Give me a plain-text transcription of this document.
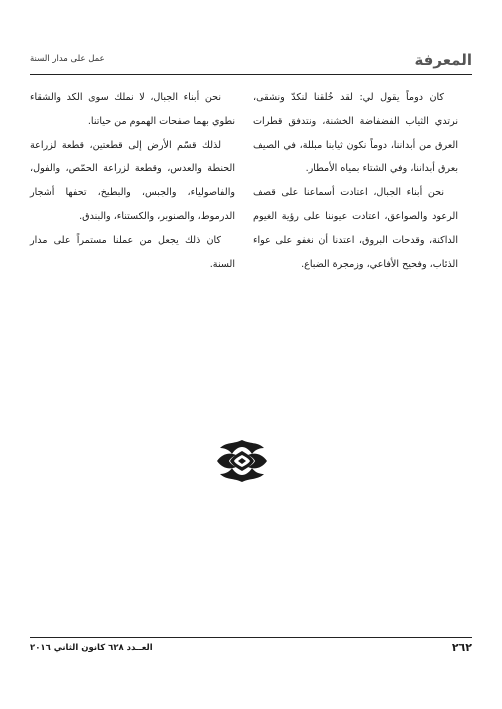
المعرفة
عمل على مدار السنة

كان دوماً يقول لي: لقد خُلقنا لنكدّ ونشقى، نرتدي الثياب الفضفاضة الخشنة، ونتدفق قطرات العرق من أبداننا، دوماً نكون ثيابنا مبللة، في الصيف بعرق أبداننا، وفي الشتاء بمياه الأمطار.

نحن أبناء الجبال، اعتادت أسماعنا على قصف الرعود والصواعق، اعتادت عيوننا على رؤية الغيوم الداكنة، وقدحات البروق، اعتدنا أن نغفو على عواء الذئاب، وفحيح الأفاعي، وزمجرة الضباع.

نحن أبناء الجبال، لا نملك سوى الكد والشقاء نطوي بهما صفحات الهموم من حياتنا.

لذلك قسّم الأرض إلى قطعتين، قطعة لزراعة الحنطة والعدس، وقطعة لزراعة الحمّص، والفول، والفاصولياء، والجبس، والبطيخ، تحفها أشجار الدرموط، والصنوبر، والكستناء، والبندق.

كان ذلك يجعل من عملنا مستمراً على مدار السنة.

٢٦٢
العــدد ٦٢٨ كانون الثاني ٢٠١٦
